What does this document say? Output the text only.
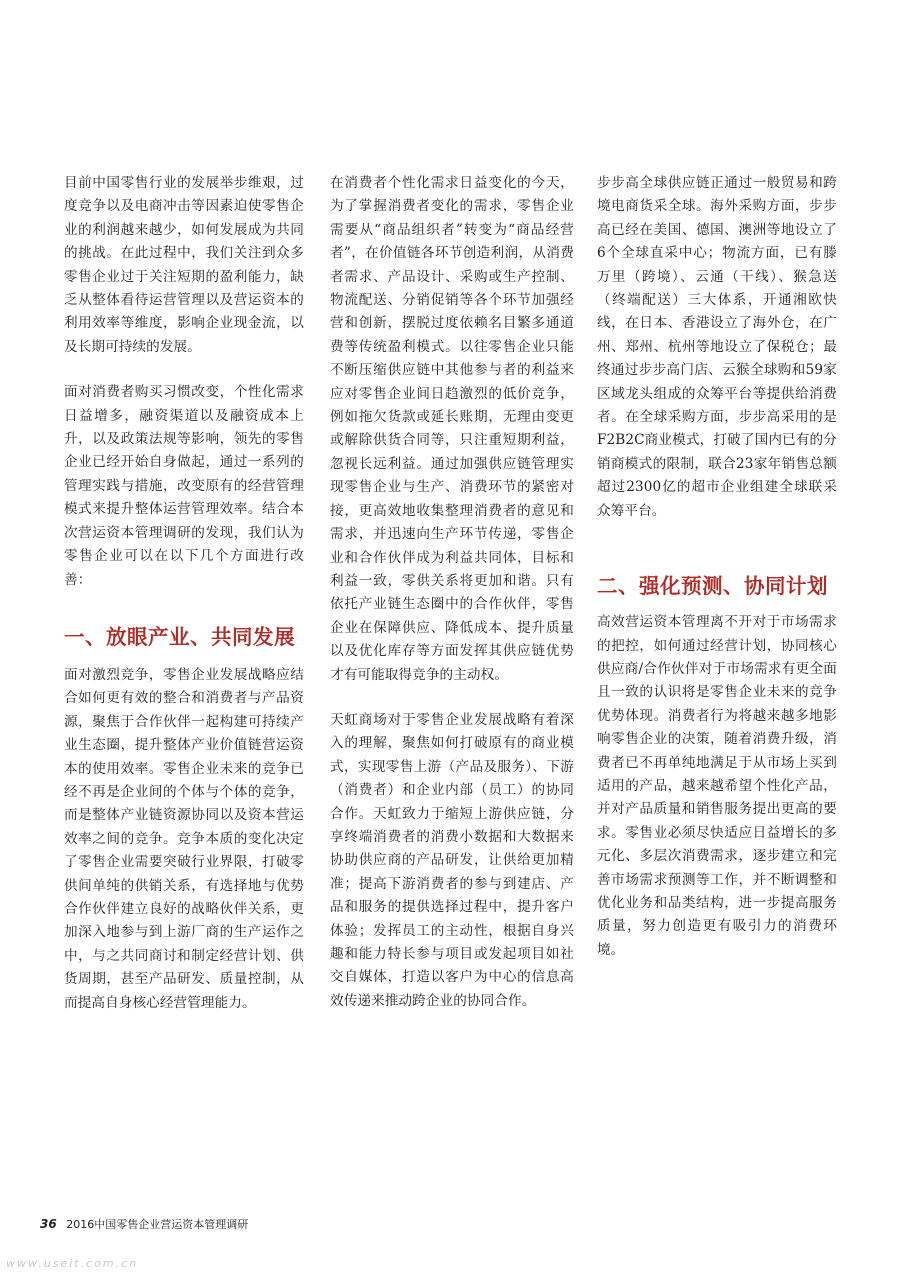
目前中国零售行业的发展举步维艰，过度竞争以及电商冲击等因素迫使零售企业的利润越来越少，如何发展成为共同的挑战。在此过程中，我们关注到众多零售企业过于关注短期的盈利能力，缺乏从整体看待运营管理以及营运资本的利用效率等维度，影响企业现金流，以及长期可持续的发展。

面对消费者购买习惯改变，个性化需求日益增多，融资渠道以及融资成本上升，以及政策法规等影响，领先的零售企业已经开始自身做起，通过一系列的管理实践与措施，改变原有的经营管理模式来提升整体运营管理效率。结合本次营运资本管理调研的发现，我们认为零售企业可以在以下几个方面进行改善：

一、放眼产业、共同发展

面对激烈竞争，零售企业发展战略应结合如何更有效的整合和消费者与产品资源，聚焦于合作伙伴一起构建可持续产业生态圈，提升整体产业价值链营运资本的使用效率。零售企业未来的竞争已经不再是企业间的个体与个体的竞争，而是整体产业链资源协同以及资本营运效率之间的竞争。竞争本质的变化决定了零售企业需要突破行业界限，打破零供间单纯的供销关系，有选择地与优势合作伙伴建立良好的战略伙伴关系，更加深入地参与到上游厂商的生产运作之中，与之共同商讨和制定经营计划、供货周期，甚至产品研发、质量控制，从而提高自身核心经营管理能力。

在消费者个性化需求日益变化的今天，为了掌握消费者变化的需求，零售企业需要从“商品组织者”转变为“商品经营者”，在价值链各环节创造利润，从消费者需求、产品设计、采购或生产控制、物流配送、分销促销等各个环节加强经营和创新，摆脱过度依赖名目繁多通道费等传统盈利模式。以往零售企业只能不断压缩供应链中其他参与者的利益来应对零售企业间日趋激烈的低价竞争，例如拖欠货款或延长账期，无理由变更或解除供货合同等，只注重短期利益，忽视长远利益。通过加强供应链管理实现零售企业与生产、消费环节的紧密对接，更高效地收集整理消费者的意见和需求，并迅速向生产环节传递，零售企业和合作伙伴成为利益共同体，目标和利益一致，零供关系将更加和谐。只有依托产业链生态圈中的合作伙伴，零售企业在保障供应、降低成本、提升质量以及优化库存等方面发挥其供应链优势才有可能取得竞争的主动权。

天虹商场对于零售企业发展战略有着深入的理解，聚焦如何打破原有的商业模式，实现零售上游（产品及服务）、下游（消费者）和企业内部（员工）的协同合作。天虹致力于缩短上游供应链，分享终端消费者的消费小数据和大数据来协助供应商的产品研发，让供给更加精准；提高下游消费者的参与到建店、产品和服务的提供选择过程中，提升客户体验；发挥员工的主动性，根据自身兴趣和能力特长参与项目或发起项目如社交自媒体，打造以客户为中心的信息高效传递来推动跨企业的协同合作。

步步高全球供应链正通过一般贸易和跨境电商货采全球。海外采购方面，步步高已经在美国、德国、澳洲等地设立了6个全球直采中心；物流方面，已有滕万里（跨境）、云通（干线）、猴急送（终端配送）三大体系，开通湘欧快线，在日本、香港设立了海外仓，在广州、郑州、杭州等地设立了保税仓；最终通过步步高门店、云猴全球购和59家区域龙头组成的众筹平台等提供给消费者。在全球采购方面，步步高采用的是F2B2C商业模式，打破了国内已有的分销商模式的限制，联合23家年销售总额超过2300亿的超市企业组建全球联采众筹平台。

二、强化预测、协同计划

高效营运资本管理离不开对于市场需求的把控，如何通过经营计划，协同核心供应商/合作伙伴对于市场需求有更全面且一致的认识将是零售企业未来的竞争优势体现。消费者行为将越来越多地影响零售企业的决策，随着消费升级，消费者已不再单纯地满足于从市场上买到适用的产品，越来越希望个性化产品，并对产品质量和销售服务提出更高的要求。零售业必须尽快适应日益增长的多元化、多层次消费需求，逐步建立和完善市场需求预测等工作，并不断调整和优化业务和品类结构，进一步提高服务质量，努力创造更有吸引力的消费环境。

36 2016中国零售企业营运资本管理调研
www.useit.com.cn
